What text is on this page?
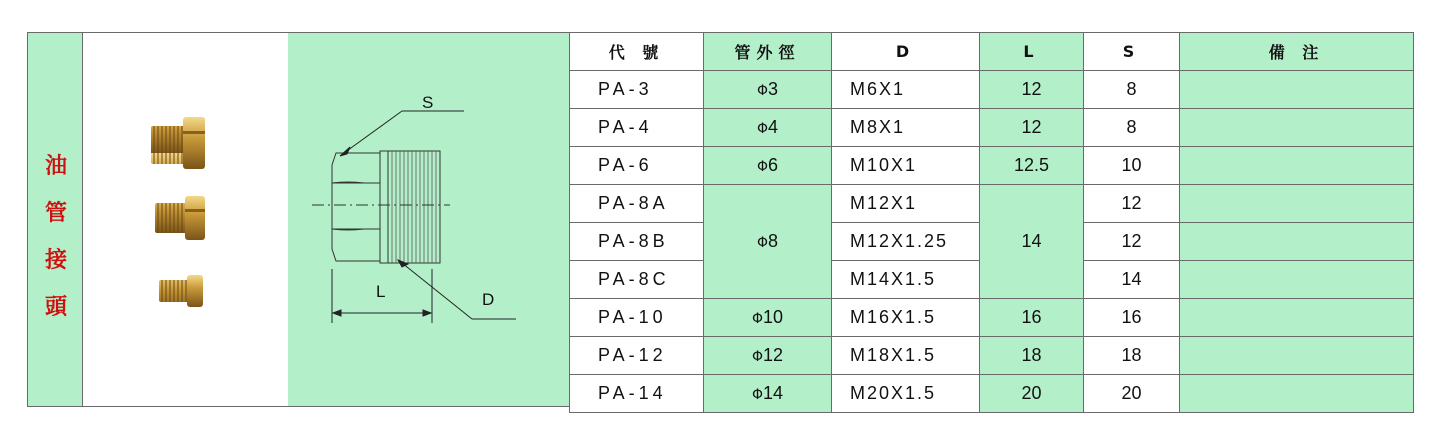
油
管
接
頭
S
L	D
代 號	管外徑	D	L	S	備 注
PA-3	Φ3	M6X1	12	8	
PA-4	Φ4	M8X1	12	8	
PA-6	Φ6	M10X1	12.5	10	
PA-8A	Φ8	M12X1	14	12	
PA-8B		M12X1.25		12	
PA-8C		M14X1.5		14	
PA-10	Φ10	M16X1.5	16	16	
PA-12	Φ12	M18X1.5	18	18	
PA-14	Φ14	M20X1.5	20	20	
